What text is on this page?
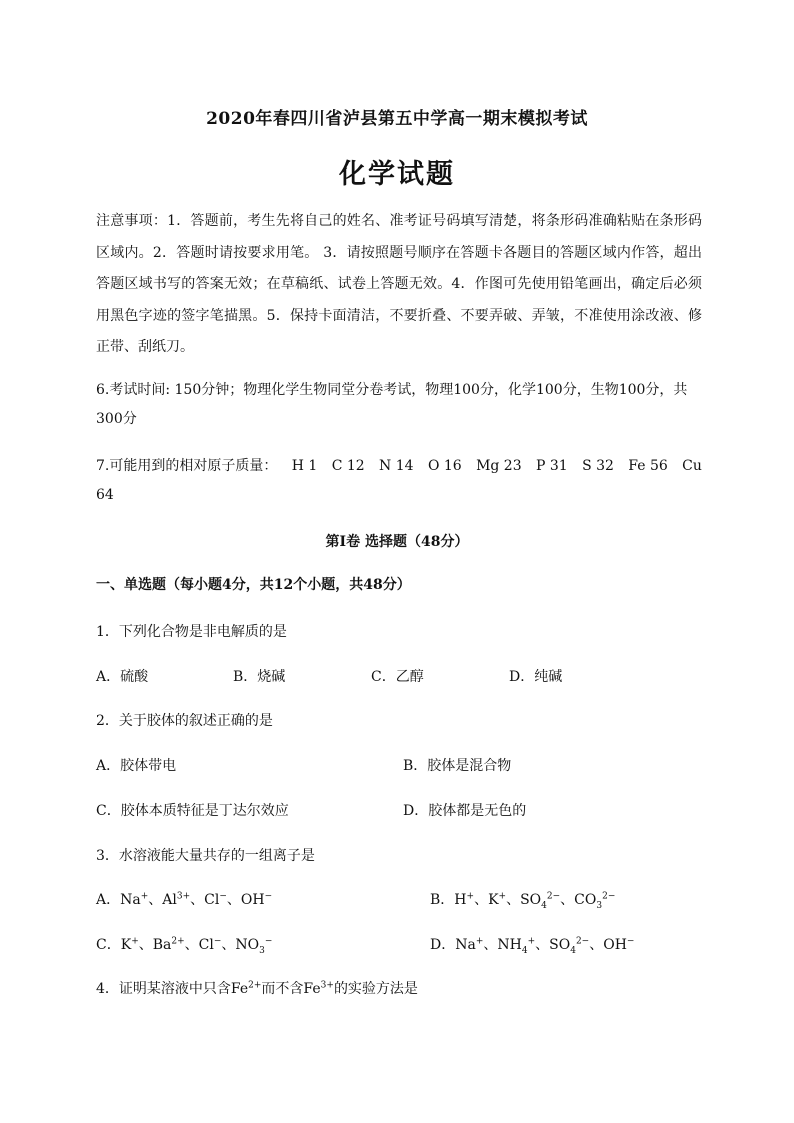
2020年春四川省泸县第五中学高一期末模拟考试
化学试题
注意事项：1．答题前，考生先将自己的姓名、准考证号码填写清楚，将条形码准确粘贴在条形码区域内。2．答题时请按要求用笔。 3．请按照题号顺序在答题卡各题目的答题区域内作答，超出答题区域书写的答案无效；在草稿纸、试卷上答题无效。4．作图可先使用铅笔画出，确定后必须用黑色字迹的签字笔描黑。5．保持卡面清洁，不要折叠、不要弄破、弄皱，不准使用涂改液、修正带、刮纸刀。
6.考试时间: 150分钟；物理化学生物同堂分卷考试，物理100分，化学100分，生物100分，共300分
7.可能用到的相对原子质量： H 1 C 12 N 14 O 16 Mg 23 P 31 S 32 Fe 56 Cu
64
第I卷 选择题（48分）
一、单选题（每小题4分，共12个小题，共48分）
1．下列化合物是非电解质的是
A．硫酸	B．烧碱	C．乙醇	D．纯碱
2．关于胶体的叙述正确的是
A．胶体带电	B．胶体是混合物
C．胶体本质特征是丁达尔效应	D．胶体都是无色的
3．水溶液能大量共存的一组离子是
A．Na+、$Al^{3+}$、Cl−、OH−	B．H+、K+、$SO_4^{2-}$、$CO_3^{2-}$
C．K+、$Ba^{2+}$、Cl−、$NO_3^-$	D．Na+、$NH_4^+$、$SO_4^{2-}$、OH−
4．证明某溶液中只含$Fe^{2+}$而不含$Fe^{3+}$的实验方法是
